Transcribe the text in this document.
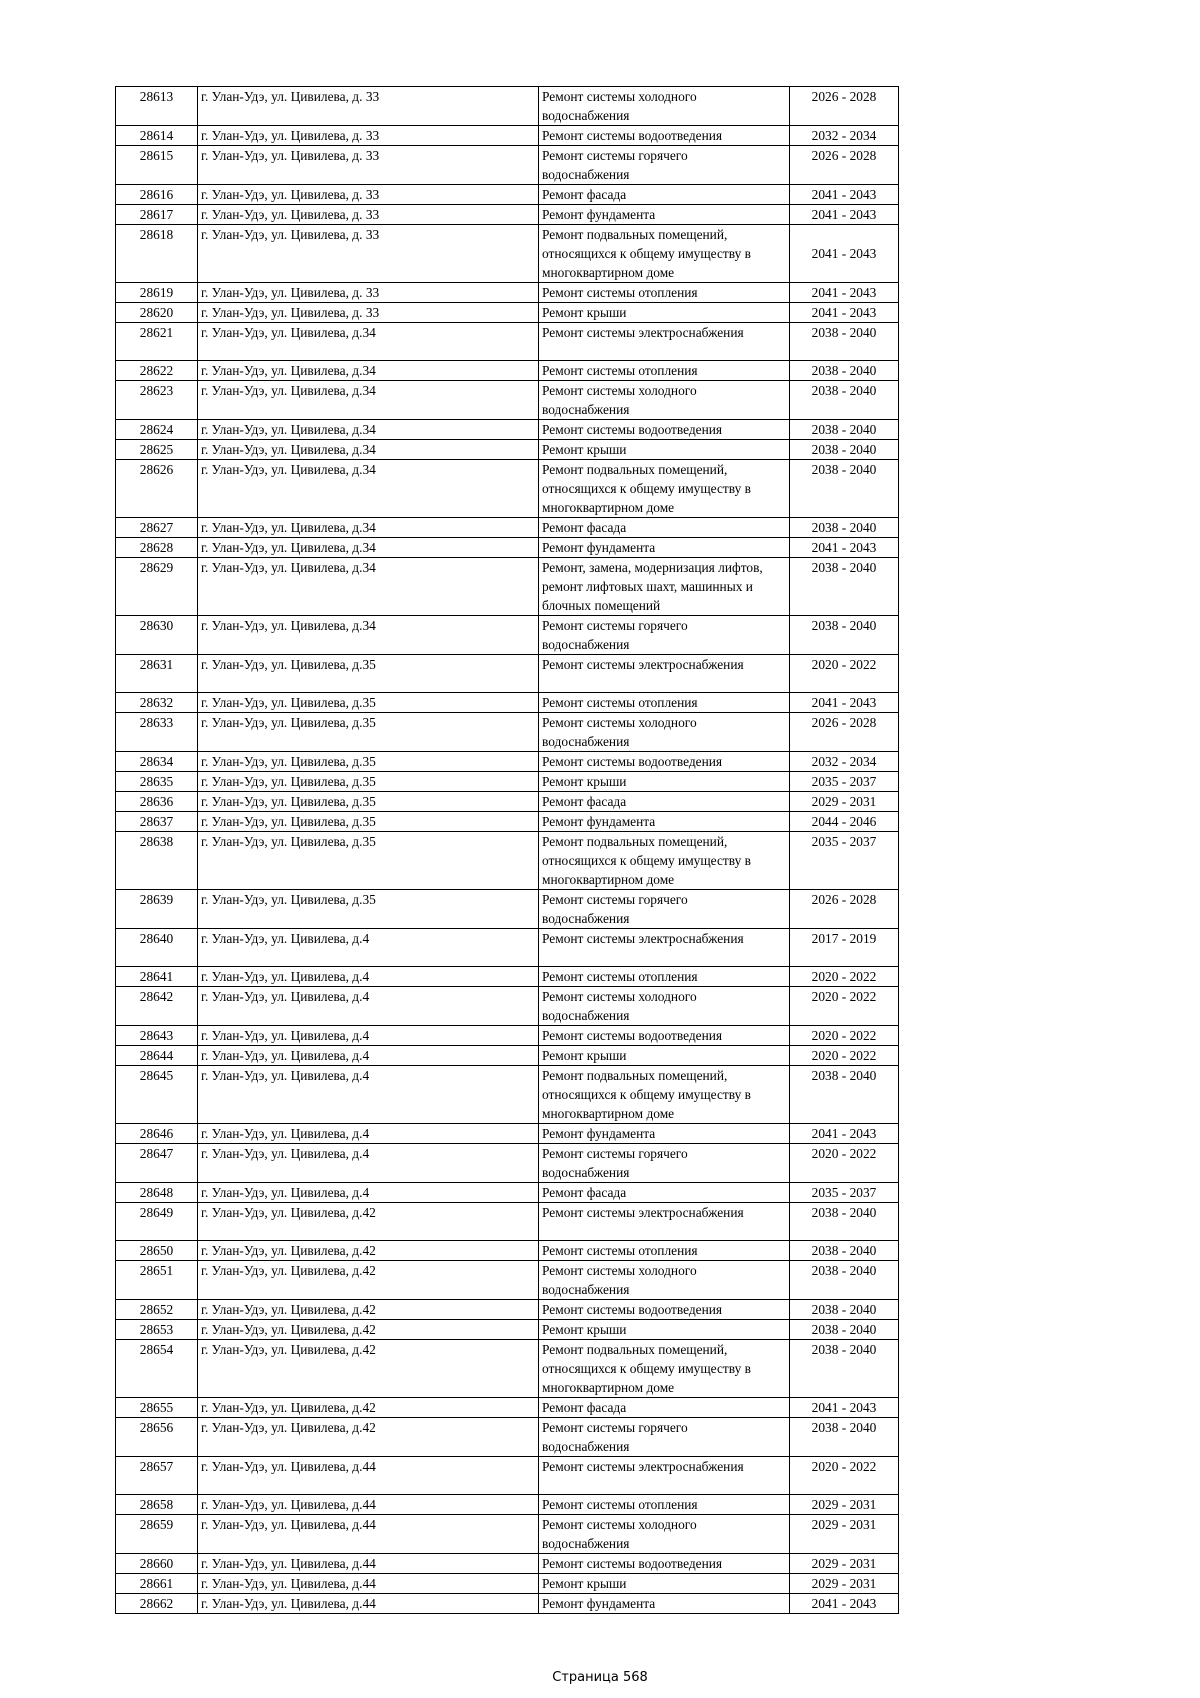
28613	г. Улан-Удэ, ул. Цивилева, д. 33	Ремонт системы холодного
водоснабжения	2026 - 2028
28614	г. Улан-Удэ, ул. Цивилева, д. 33	Ремонт системы водоотведения	2032 - 2034
28615	г. Улан-Удэ, ул. Цивилева, д. 33	Ремонт системы горячего
водоснабжения	2026 - 2028
28616	г. Улан-Удэ, ул. Цивилева, д. 33	Ремонт фасада	2041 - 2043
28617	г. Улан-Удэ, ул. Цивилева, д. 33	Ремонт фундамента	2041 - 2043
28618	г. Улан-Удэ, ул. Цивилева, д. 33	Ремонт подвальных помещений,
относящихся к общему имуществу в
многоквартирном доме	2041 - 2043
28619	г. Улан-Удэ, ул. Цивилева, д. 33	Ремонт системы отопления	2041 - 2043
28620	г. Улан-Удэ, ул. Цивилева, д. 33	Ремонт крыши	2041 - 2043
28621	г. Улан-Удэ, ул. Цивилева, д.34	Ремонт системы электроснабжения	2038 - 2040
28622	г. Улан-Удэ, ул. Цивилева, д.34	Ремонт системы отопления	2038 - 2040
28623	г. Улан-Удэ, ул. Цивилева, д.34	Ремонт системы холодного
водоснабжения	2038 - 2040
28624	г. Улан-Удэ, ул. Цивилева, д.34	Ремонт системы водоотведения	2038 - 2040
28625	г. Улан-Удэ, ул. Цивилева, д.34	Ремонт крыши	2038 - 2040
28626	г. Улан-Удэ, ул. Цивилева, д.34	Ремонт подвальных помещений,
относящихся к общему имуществу в
многоквартирном доме	2038 - 2040
28627	г. Улан-Удэ, ул. Цивилева, д.34	Ремонт фасада	2038 - 2040
28628	г. Улан-Удэ, ул. Цивилева, д.34	Ремонт фундамента	2041 - 2043
28629	г. Улан-Удэ, ул. Цивилева, д.34	Ремонт, замена, модернизация лифтов,
ремонт лифтовых шахт, машинных и
блочных помещений	2038 - 2040
28630	г. Улан-Удэ, ул. Цивилева, д.34	Ремонт системы горячего
водоснабжения	2038 - 2040
28631	г. Улан-Удэ, ул. Цивилева, д.35	Ремонт системы электроснабжения	2020 - 2022
28632	г. Улан-Удэ, ул. Цивилева, д.35	Ремонт системы отопления	2041 - 2043
28633	г. Улан-Удэ, ул. Цивилева, д.35	Ремонт системы холодного
водоснабжения	2026 - 2028
28634	г. Улан-Удэ, ул. Цивилева, д.35	Ремонт системы водоотведения	2032 - 2034
28635	г. Улан-Удэ, ул. Цивилева, д.35	Ремонт крыши	2035 - 2037
28636	г. Улан-Удэ, ул. Цивилева, д.35	Ремонт фасада	2029 - 2031
28637	г. Улан-Удэ, ул. Цивилева, д.35	Ремонт фундамента	2044 - 2046
28638	г. Улан-Удэ, ул. Цивилева, д.35	Ремонт подвальных помещений,
относящихся к общему имуществу в
многоквартирном доме	2035 - 2037
28639	г. Улан-Удэ, ул. Цивилева, д.35	Ремонт системы горячего
водоснабжения	2026 - 2028
28640	г. Улан-Удэ, ул. Цивилева, д.4	Ремонт системы электроснабжения	2017 - 2019
28641	г. Улан-Удэ, ул. Цивилева, д.4	Ремонт системы отопления	2020 - 2022
28642	г. Улан-Удэ, ул. Цивилева, д.4	Ремонт системы холодного
водоснабжения	2020 - 2022
28643	г. Улан-Удэ, ул. Цивилева, д.4	Ремонт системы водоотведения	2020 - 2022
28644	г. Улан-Удэ, ул. Цивилева, д.4	Ремонт крыши	2020 - 2022
28645	г. Улан-Удэ, ул. Цивилева, д.4	Ремонт подвальных помещений,
относящихся к общему имуществу в
многоквартирном доме	2038 - 2040
28646	г. Улан-Удэ, ул. Цивилева, д.4	Ремонт фундамента	2041 - 2043
28647	г. Улан-Удэ, ул. Цивилева, д.4	Ремонт системы горячего
водоснабжения	2020 - 2022
28648	г. Улан-Удэ, ул. Цивилева, д.4	Ремонт фасада	2035 - 2037
28649	г. Улан-Удэ, ул. Цивилева, д.42	Ремонт системы электроснабжения	2038 - 2040
28650	г. Улан-Удэ, ул. Цивилева, д.42	Ремонт системы отопления	2038 - 2040
28651	г. Улан-Удэ, ул. Цивилева, д.42	Ремонт системы холодного
водоснабжения	2038 - 2040
28652	г. Улан-Удэ, ул. Цивилева, д.42	Ремонт системы водоотведения	2038 - 2040
28653	г. Улан-Удэ, ул. Цивилева, д.42	Ремонт крыши	2038 - 2040
28654	г. Улан-Удэ, ул. Цивилева, д.42	Ремонт подвальных помещений,
относящихся к общему имуществу в
многоквартирном доме	2038 - 2040
28655	г. Улан-Удэ, ул. Цивилева, д.42	Ремонт фасада	2041 - 2043
28656	г. Улан-Удэ, ул. Цивилева, д.42	Ремонт системы горячего
водоснабжения	2038 - 2040
28657	г. Улан-Удэ, ул. Цивилева, д.44	Ремонт системы электроснабжения	2020 - 2022
28658	г. Улан-Удэ, ул. Цивилева, д.44	Ремонт системы отопления	2029 - 2031
28659	г. Улан-Удэ, ул. Цивилева, д.44	Ремонт системы холодного
водоснабжения	2029 - 2031
28660	г. Улан-Удэ, ул. Цивилева, д.44	Ремонт системы водоотведения	2029 - 2031
28661	г. Улан-Удэ, ул. Цивилева, д.44	Ремонт крыши	2029 - 2031
28662	г. Улан-Удэ, ул. Цивилева, д.44	Ремонт фундамента	2041 - 2043
Страница 568
